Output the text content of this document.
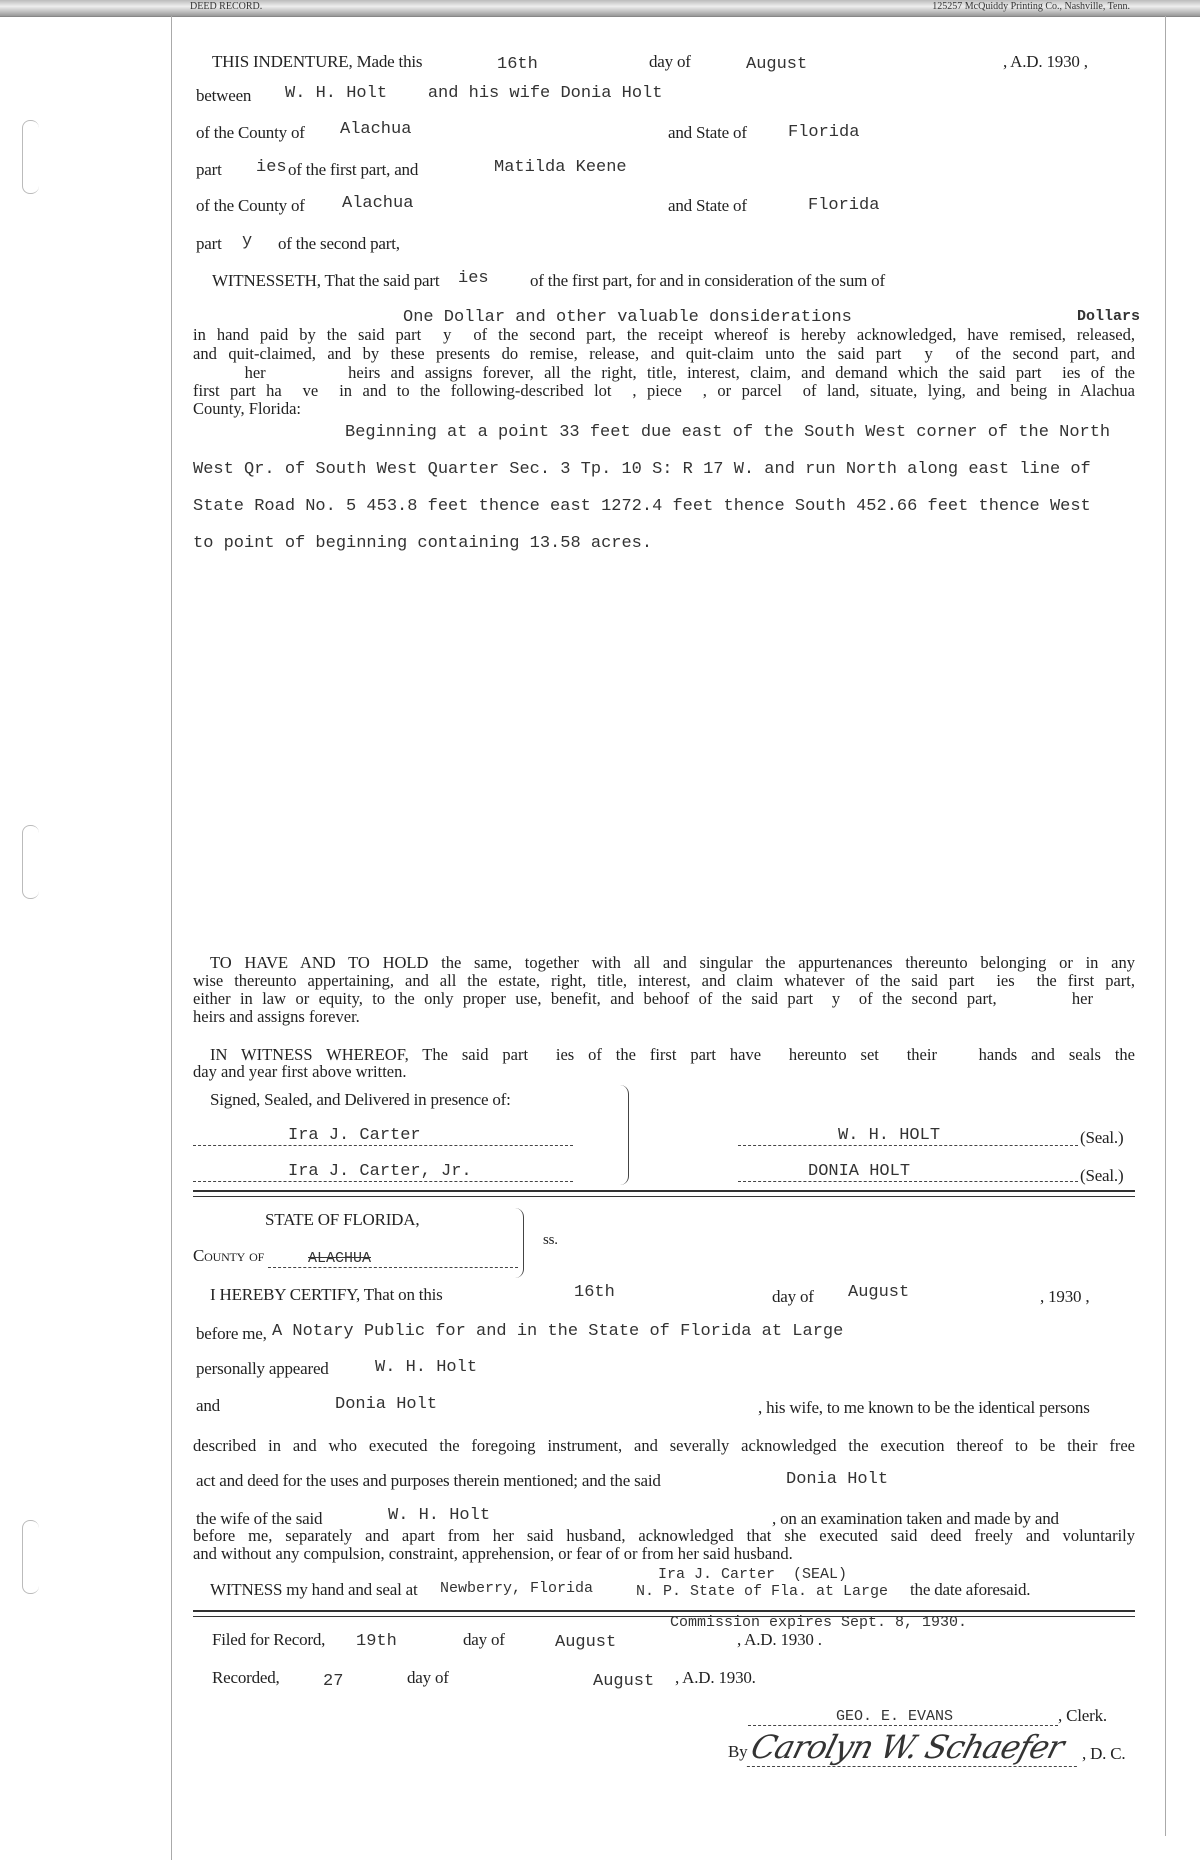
DEED RECORD.	125257 McQuiddy Printing Co., Nashville, Tenn.
THIS INDENTURE, Made this	16th	day of	August	, A.D. 1930 ,
between W. H. Holt    and his wife Donia Holt
of the County of Alachua	and State of Florida
part ies of the first part, and	Matilda Keene
of the County of Alachua	and State of	Florida
part y of the second part,
WITNESSETH, That the said part ies of the first part, for and in consideration of the sum of
One Dollar and other valuable donsiderations	Dollars
in hand paid by the said part  y  of the second part, the receipt whereof is hereby acknowledged, have remised, released,
and quit-claimed, and by these presents do remise, release, and quit-claim unto the said part  y  of the second part, and
her        heirs and assigns forever, all the right, title, interest, claim, and demand which the said part  ies of the
first part ha  ve  in and to the following-described lot  , piece  , or parcel  of land, situate, lying, and being in Alachua
County, Florida:
Beginning at a point 33 feet due east of the South West corner of the North
West Qr. of South West Quarter Sec. 3 Tp. 10 S: R 17 W. and run North along east line of
State Road No. 5 453.8 feet thence east 1272.4 feet thence South 452.66 feet thence West
to point of beginning containing 13.58 acres.
TO HAVE AND TO HOLD the same, together with all and singular the appurtenances thereunto belonging or in any
wise thereunto appertaining, and all the estate, right, title, interest, and claim whatever of the said part  ies  the first part,
either in law or equity, to the only proper use, benefit, and behoof of the said part  y  of the second part,        her
heirs and assigns forever.
IN WITNESS WHEREOF, The said part  ies of the first part have  hereunto set  their   hands and seals the
day and year first above written.
Signed, Sealed, and Delivered in presence of:
Ira J. Carter
Ira J. Carter, Jr.
W. H. HOLT	(Seal.)
DONIA HOLT	(Seal.)
STATE OF FLORIDA,
ss.
County of	ALACHUA
I HEREBY CERTIFY, That on this	16th	day of August	, 1930 ,
before me, A Notary Public for and in the State of Florida at Large
personally appeared	W. H. Holt
and	Donia Holt	, his wife, to me known to be the identical persons
described in and who executed the foregoing instrument, and severally acknowledged the execution thereof to be their free
act and deed for the uses and purposes therein mentioned; and the said	Donia Holt
the wife of the said	W. H. Holt	, on an examination taken and made by and
before me, separately and apart from her said husband, acknowledged that she executed said deed freely and voluntarily
and without any compulsion, constraint, apprehension, or fear of or from her said husband.
Ira J. Carter  (SEAL)
WITNESS my hand and seal at Newberry, Florida	N. P. State of Fla. at Large the date aforesaid.
Commission expires Sept. 8, 1930.
Filed for Record, 19th	day of	August	, A.D. 1930 .
Recorded,	27	day of	August , A.D. 1930.
GEO. E. EVANS	, Clerk.
By Carolyn W. Schaefer , D. C.
